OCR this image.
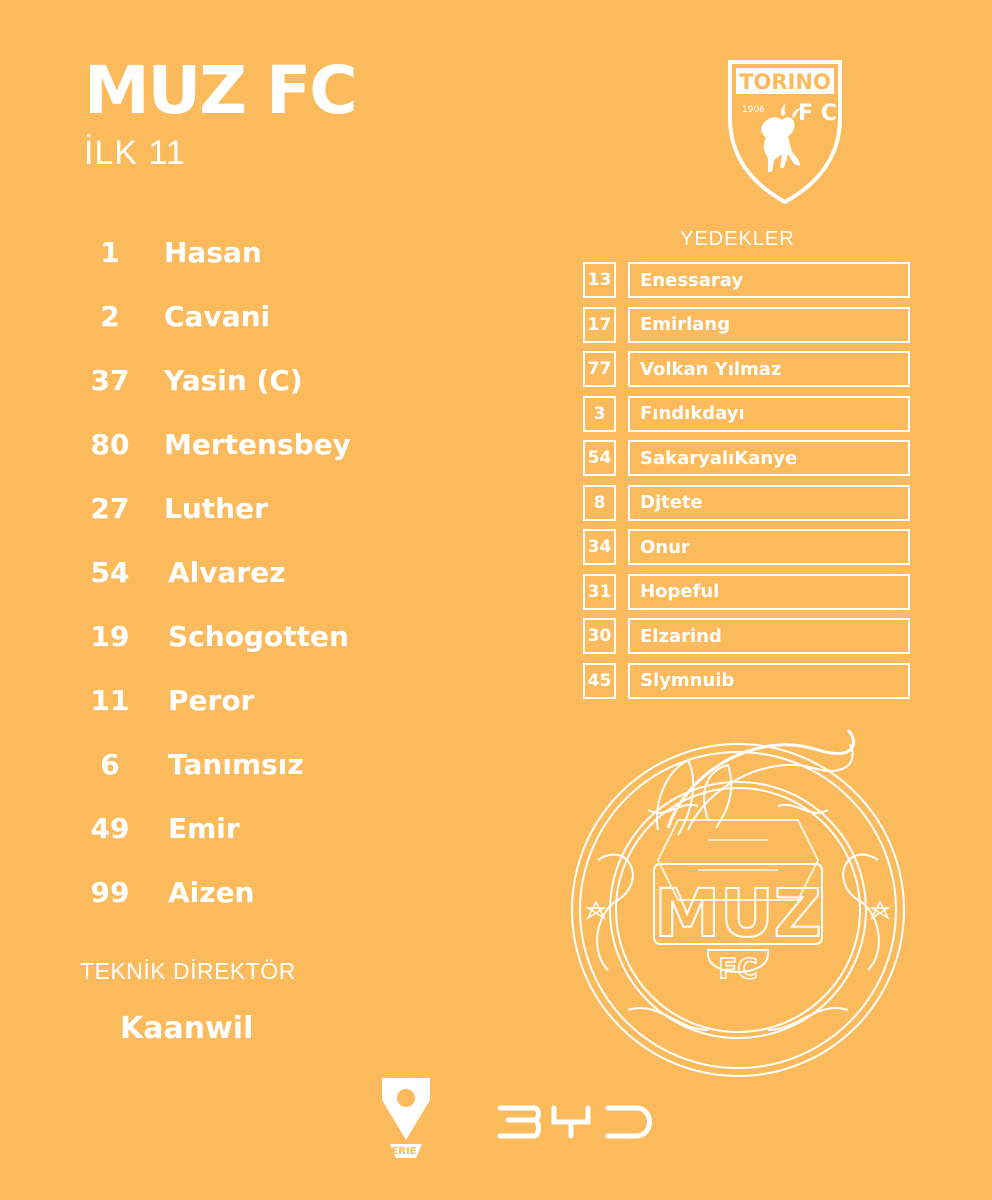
MUZ FC
İLK 11
TORINO
1906 F C
1	Hasan
2	Cavani
37	Yasin (C)
80	Mertensbey
27	Luther
54	Alvarez
19	Schogotten
11	Peror
6	Tanımsız
49	Emir
99	Aizen
TEKNİK DİREKTÖR
Kaanwil
YEDEKLER
13	Enessaray
17	Emirlang
77	Volkan Yılmaz
3	Fındıkdayı
54	SakaryalıKanye
8	Djtete
34	Onur
31	Hopeful
30	Elzarind
45	Slymnuib
MUZ
FC
SERIE A
BYD
